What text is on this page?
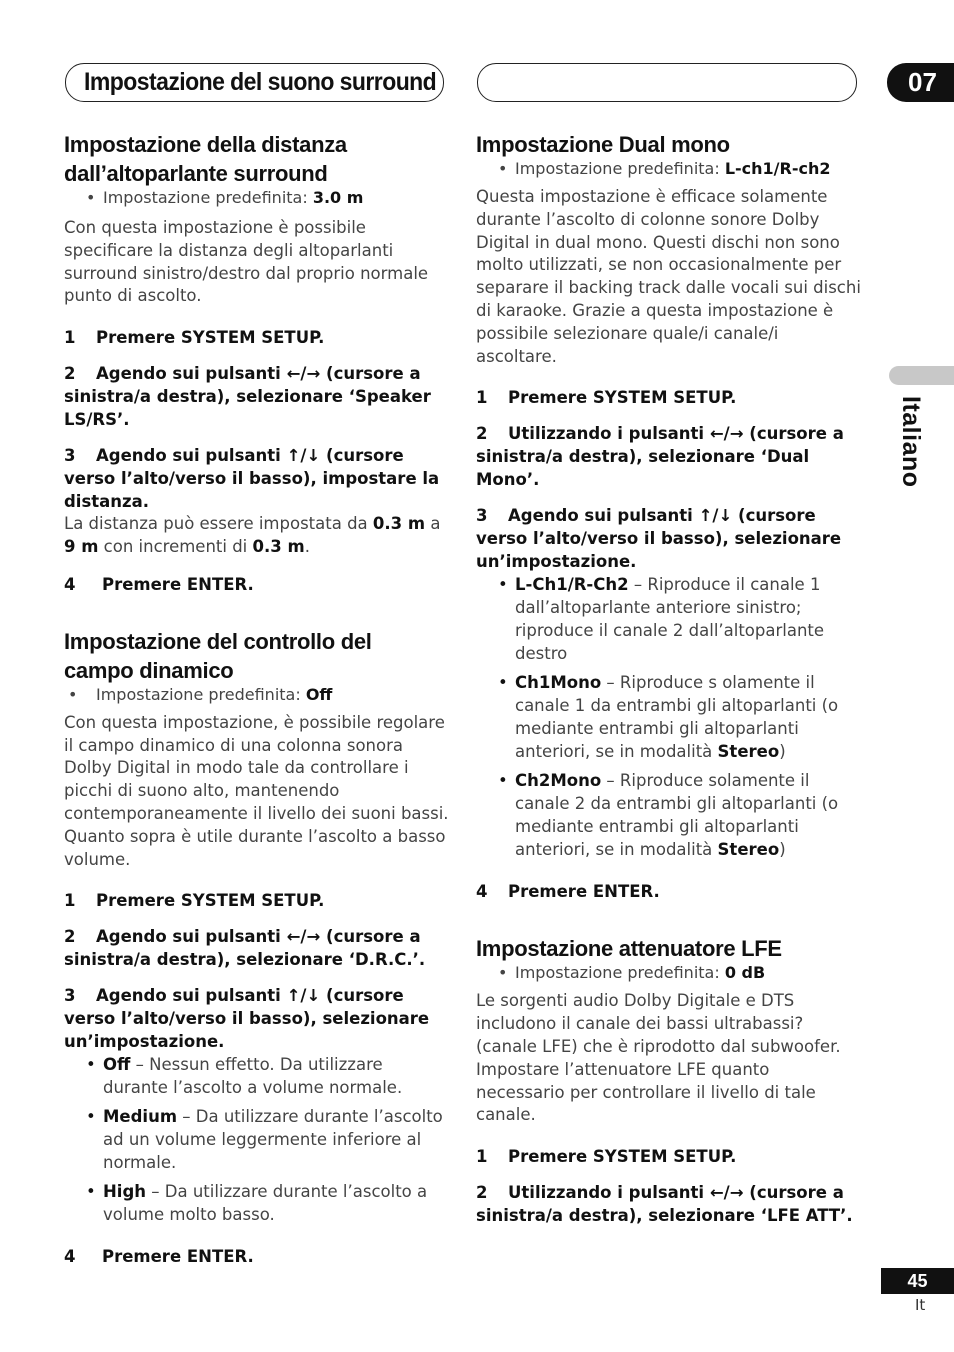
Impostazione del suono surround	07
Italiano
45
It
Impostazione della distanza
dall’altoparlante surround
• Impostazione predefinita: 3.0 m
Con questa impostazione è possibile specificare la distanza degli altoparlanti surround sinistro/destro dal proprio normale punto di ascolto.
1 Premere SYSTEM SETUP.
2 Agendo sui pulsanti ←/→ (cursore a sinistra/a destra), selezionare ‘Speaker LS/RS’.
3 Agendo sui pulsanti ↑/↓ (cursore verso l’alto/verso il basso), impostare la distanza.
La distanza può essere impostata da 0.3 m a 9 m con incrementi di 0.3 m.
4 Premere ENTER.
Impostazione del controllo del
campo dinamico
• Impostazione predefinita: Off
Con questa impostazione, è possibile regolare il campo dinamico di una colonna sonora Dolby Digital in modo tale da controllare i picchi di suono alto, mantenendo contemporaneamente il livello dei suoni bassi. Quanto sopra è utile durante l’ascolto a basso volume.
1 Premere SYSTEM SETUP.
2 Agendo sui pulsanti ←/→ (cursore a sinistra/a destra), selezionare ‘D.R.C.’.
3 Agendo sui pulsanti ↑/↓ (cursore verso l’alto/verso il basso), selezionare un’impostazione.
• Off – Nessun effetto. Da utilizzare durante l’ascolto a volume normale.
• Medium – Da utilizzare durante l’ascolto ad un volume leggermente inferiore al normale.
• High – Da utilizzare durante l’ascolto a volume molto basso.
4 Premere ENTER.
Impostazione Dual mono
• Impostazione predefinita: L-ch1/R-ch2
Questa impostazione è efficace solamente durante l’ascolto di colonne sonore Dolby Digital in dual mono. Questi dischi non sono molto utilizzati, se non occasionalmente per separare il backing track dalle vocali sui dischi di karaoke. Grazie a questa impostazione è possibile selezionare quale/i canale/i ascoltare.
1 Premere SYSTEM SETUP.
2 Utilizzando i pulsanti ←/→ (cursore a sinistra/a destra), selezionare ‘Dual Mono’.
3 Agendo sui pulsanti ↑/↓ (cursore verso l’alto/verso il basso), selezionare un’impostazione.
• L-Ch1/R-Ch2 – Riproduce il canale 1 dall’altoparlante anteriore sinistro; riproduce il canale 2 dall’altoparlante destro
• Ch1Mono – Riproduce s olamente il canale 1 da entrambi gli altoparlanti (o mediante entrambi gli altoparlanti anteriori, se in modalità Stereo)
• Ch2Mono – Riproduce solamente il canale 2 da entrambi gli altoparlanti (o mediante entrambi gli altoparlanti anteriori, se in modalità Stereo)
4 Premere ENTER.
Impostazione attenuatore LFE
• Impostazione predefinita: 0 dB
Le sorgenti audio Dolby Digitale e DTS includono il canale dei bassi ultrabassi? (canale LFE) che è riprodotto dal subwoofer. Impostare l’attenuatore LFE quanto necessario per controllare il livello di tale canale.
1 Premere SYSTEM SETUP.
2 Utilizzando i pulsanti ←/→ (cursore a sinistra/a destra), selezionare ‘LFE ATT’.
